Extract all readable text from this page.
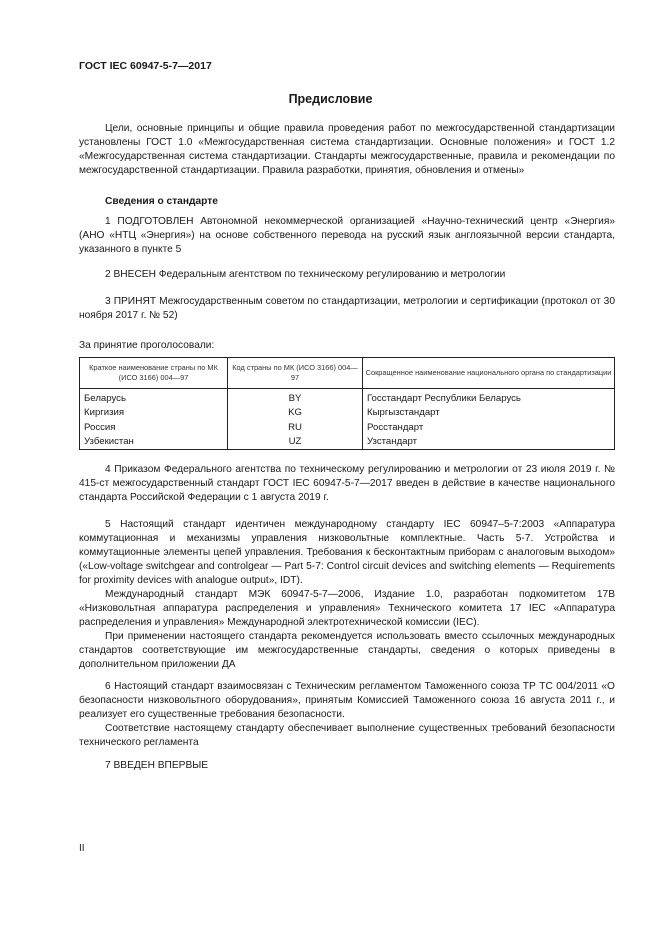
ГОСТ IEC 60947-5-7—2017
Предисловие

Цели, основные принципы и общие правила проведения работ по межгосударственной стандартизации установлены ГОСТ 1.0 «Межгосударственная система стандартизации. Основные положения» и ГОСТ 1.2 «Межгосударственная система стандартизации. Стандарты межгосударственные, правила и рекомендации по межгосударственной стандартизации. Правила разработки, принятия, обновления и отмены»

Сведения о стандарте

1 ПОДГОТОВЛЕН Автономной некоммерческой организацией «Научно-технический центр «Энергия» (АНО «НТЦ «Энергия») на основе собственного перевода на русский язык англоязычной версии стандарта, указанного в пункте 5

2 ВНЕСЕН Федеральным агентством по техническому регулированию и метрологии

3 ПРИНЯТ Межгосударственным советом по стандартизации, метрологии и сертификации (протокол от 30 ноября 2017 г. № 52)

За принятие проголосовали:

Краткое наименование страны по МК (ИСО 3166) 004—97	Код страны по МК (ИСО 3166) 004—97	Сокращенное наименование национального органа по стандартизации
Беларусь	BY	Госстандарт Республики Беларусь
Киргизия	KG	Кыргызстандарт
Россия	RU	Росстандарт
Узбекистан	UZ	Узстандарт

4 Приказом Федерального агентства по техническому регулированию и метрологии от 23 июля 2019 г. № 415-ст межгосударственный стандарт ГОСТ IEC 60947-5-7—2017 введен в действие в качестве национального стандарта Российской Федерации с 1 августа 2019 г.

5 Настоящий стандарт идентичен международному стандарту IEC 60947–5-7:2003 «Аппаратура коммутационная и механизмы управления низковольтные комплектные. Часть 5-7. Устройства и коммутационные элементы цепей управления. Требования к бесконтактным приборам с аналоговым выходом» («Low-voltage switchgear and controlgear — Part 5-7: Control circuit devices and switching elements — Requirements for proximity devices with analogue output», IDT).

Международный стандарт МЭК 60947-5-7—2006, Издание 1.0, разработан подкомитетом 17B «Низковольтная аппаратура распределения и управления» Технического комитета 17 IEC «Аппаратура распределения и управления» Международной электротехнической комиссии (IEC).

При применении настоящего стандарта рекомендуется использовать вместо ссылочных международных стандартов соответствующие им межгосударственные стандарты, сведения о которых приведены в дополнительном приложении ДА

6 Настоящий стандарт взаимосвязан с Техническим регламентом Таможенного союза ТР ТС 004/2011 «О безопасности низковольтного оборудования», принятым Комиссией Таможенного союза 16 августа 2011 г., и реализует его существенные требования безопасности.

Соответствие настоящему стандарту обеспечивает выполнение существенных требований безопасности технического регламента

7 ВВЕДЕН ВПЕРВЫЕ

II
